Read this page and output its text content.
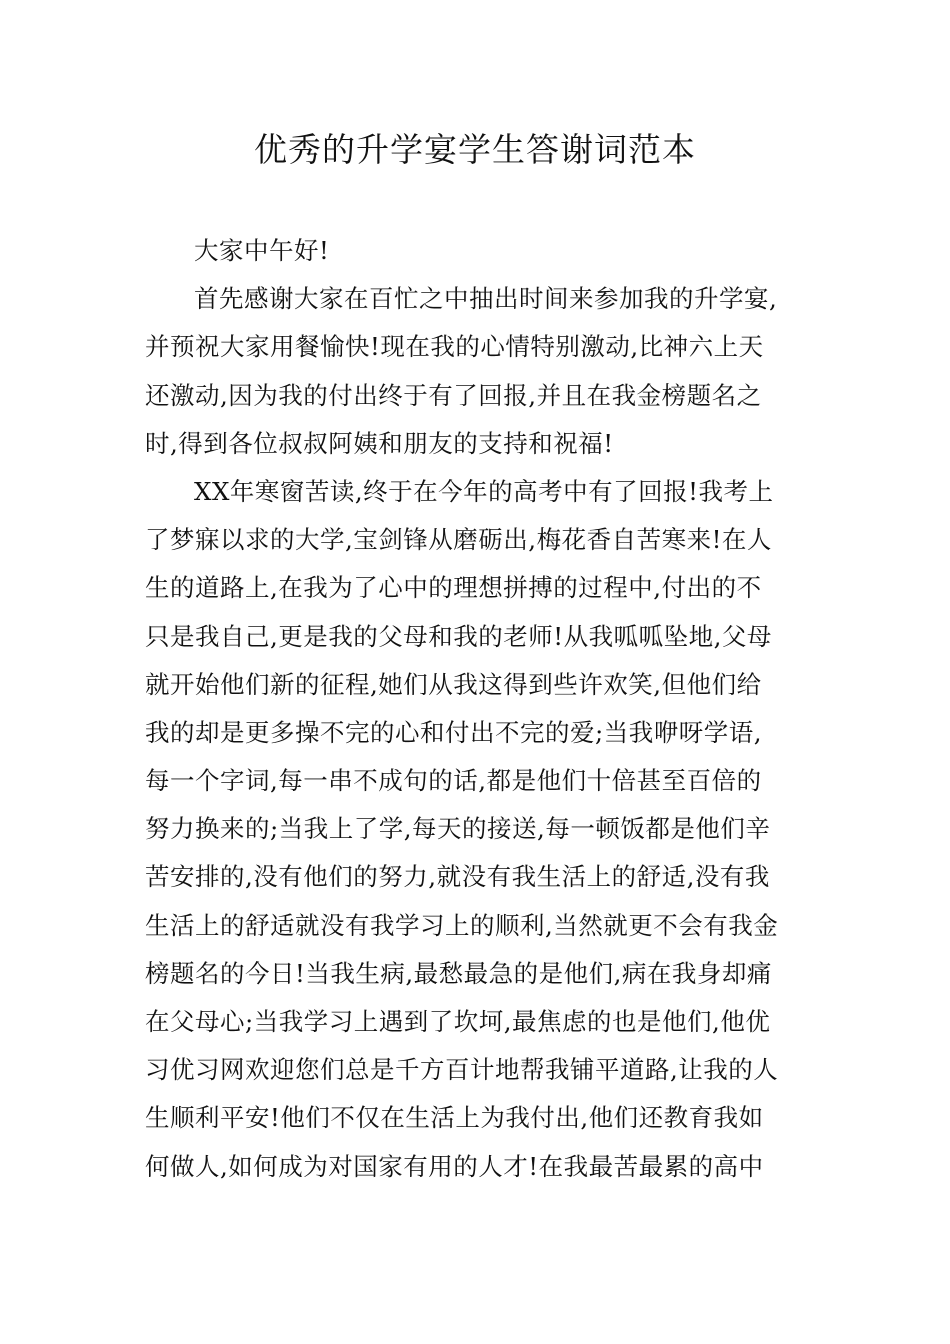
优秀的升学宴学生答谢词范本
大家中午好!
首先感谢大家在百忙之中抽出时间来参加我的升学宴,
并预祝大家用餐愉快!现在我的心情特别激动,比神六上天
还激动,因为我的付出终于有了回报,并且在我金榜题名之
时,得到各位叔叔阿姨和朋友的支持和祝福!
XX年寒窗苦读,终于在今年的高考中有了回报!我考上
了梦寐以求的大学,宝剑锋从磨砺出,梅花香自苦寒来!在人
生的道路上,在我为了心中的理想拼搏的过程中,付出的不
只是我自己,更是我的父母和我的老师!从我呱呱坠地,父母
就开始他们新的征程,她们从我这得到些许欢笑,但他们给
我的却是更多操不完的心和付出不完的爱;当我咿呀学语,
每一个字词,每一串不成句的话,都是他们十倍甚至百倍的
努力换来的;当我上了学,每天的接送,每一顿饭都是他们辛
苦安排的,没有他们的努力,就没有我生活上的舒适,没有我
生活上的舒适就没有我学习上的顺利,当然就更不会有我金
榜题名的今日!当我生病,最愁最急的是他们,病在我身却痛
在父母心;当我学习上遇到了坎坷,最焦虑的也是他们,他优
习优习网欢迎您们总是千方百计地帮我铺平道路,让我的人
生顺利平安!他们不仅在生活上为我付出,他们还教育我如
何做人,如何成为对国家有用的人才!在我最苦最累的高中
